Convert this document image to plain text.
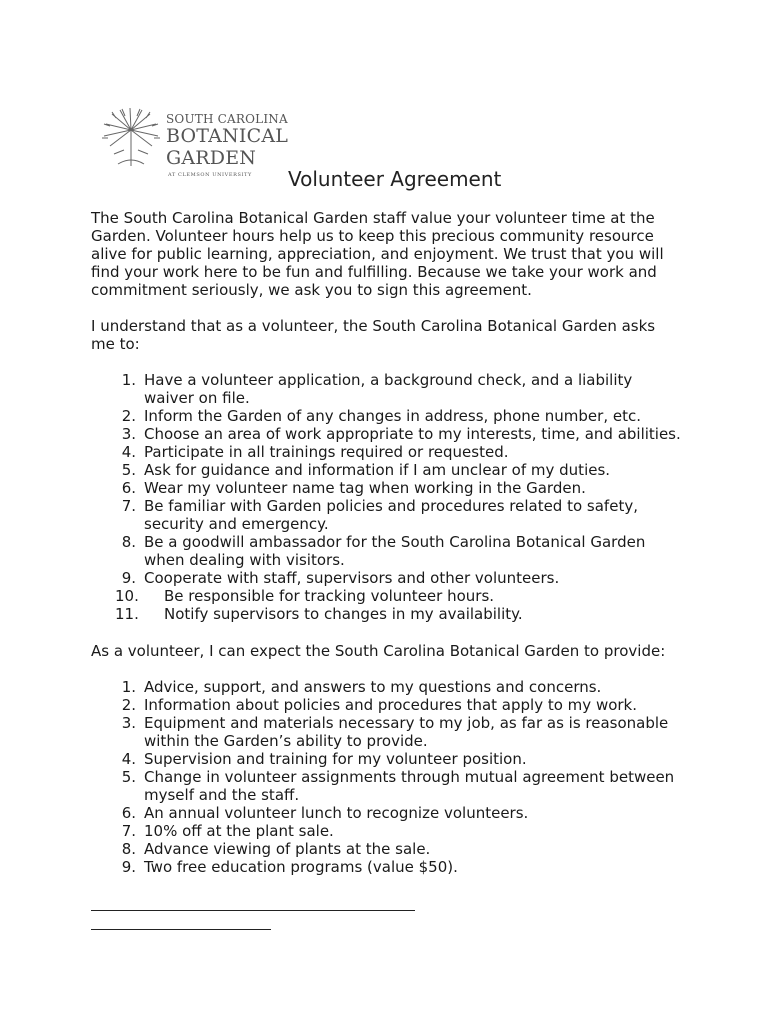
SOUTH CAROLINA
BOTANICAL
GARDEN
AT CLEMSON UNIVERSITY Volunteer Agreement
The South Carolina Botanical Garden staff value your volunteer time at the
Garden. Volunteer hours help us to keep this precious community resource
alive for public learning, appreciation, and enjoyment. We trust that you will
find your work here to be fun and fulfilling. Because we take your work and
commitment seriously, we ask you to sign this agreement.
I understand that as a volunteer, the South Carolina Botanical Garden asks
me to:
1. Have a volunteer application, a background check, and a liability
waiver on file.
2. Inform the Garden of any changes in address, phone number, etc.
3. Choose an area of work appropriate to my interests, time, and abilities.
4. Participate in all trainings required or requested.
5. Ask for guidance and information if I am unclear of my duties.
6. Wear my volunteer name tag when working in the Garden.
7. Be familiar with Garden policies and procedures related to safety,
security and emergency.
8. Be a goodwill ambassador for the South Carolina Botanical Garden
when dealing with visitors.
9. Cooperate with staff, supervisors and other volunteers.
10. Be responsible for tracking volunteer hours.
11. Notify supervisors to changes in my availability.
As a volunteer, I can expect the South Carolina Botanical Garden to provide:
1. Advice, support, and answers to my questions and concerns.
2. Information about policies and procedures that apply to my work.
3. Equipment and materials necessary to my job, as far as is reasonable
within the Garden’s ability to provide.
4. Supervision and training for my volunteer position.
5. Change in volunteer assignments through mutual agreement between
myself and the staff.
6. An annual volunteer lunch to recognize volunteers.
7. 10% off at the plant sale.
8. Advance viewing of plants at the sale.
9. Two free education programs (value $50).
